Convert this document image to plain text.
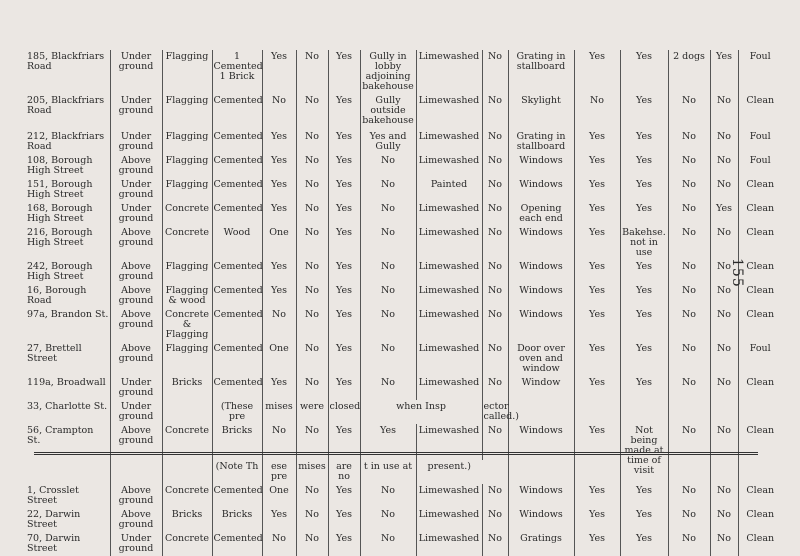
185, Blackfriars Road	Under ground	Flagging	1 Cemented 1 Brick	Yes	No	Yes	Gully in lobby adjoining bakehouse	Limewashed	No	Grating in stallboard	Yes	Yes	2 dogs	Yes	Foul
205, Blackfriars Road	Under ground	Flagging	Cemented	No	No	Yes	Gully outside bakehouse	Limewashed	No	Skylight	No	Yes	No	No	Clean
212, Blackfriars Road	Under ground	Flagging	Cemented	Yes	No	Yes	Yes and Gully	Limewashed	No	Grating in stallboard	Yes	Yes	No	No	Foul
108, Borough High Street	Above ground	Flagging	Cemented	Yes	No	Yes	No	Limewashed	No	Windows	Yes	Yes	No	No	Foul
151, Borough High Street	Under ground	Flagging	Cemented	Yes	No	Yes	No	Painted	No	Windows	Yes	Yes	No	No	Clean
168, Borough High Street	Under ground	Concrete	Cemented	Yes	No	Yes	No	Limewashed	No	Opening each end	Yes	Yes	No	Yes	Clean
216, Borough High Street	Above ground	Concrete	Wood	One	No	Yes	No	Limewashed	No	Windows	Yes	Bakehse. not in use	No	No	Clean
242, Borough High Street	Above ground	Flagging	Cemented	Yes	No	Yes	No	Limewashed	No	Windows	Yes	Yes	No	No	Clean
16, Borough Road	Above ground	Flagging & wood	Cemented	Yes	No	Yes	No	Limewashed	No	Windows	Yes	Yes	No	No	Clean
97a, Brandon St.	Above ground	Concrete & Flagging	Cemented	No	No	Yes	No	Limewashed	No	Windows	Yes	Yes	No	No	Clean
27, Brettell Street	Above ground	Flagging	Cemented	One	No	Yes	No	Limewashed	No	Door over oven and window	Yes	Yes	No	No	Foul
119a, Broadwall	Under ground	Bricks	Cemented	Yes	No	Yes	No	Limewashed	No	Window	Yes	Yes	No	No	Clean
33, Charlotte St.	Under ground		(These pre	mises	were	closed	when Insp		ector called.)						
56, Crampton St.	Above ground	Concrete	Bricks	No	No	Yes	Yes	Limewashed	No	Windows	Yes	Not being made at time of visit	No	No	Clean
			(Note Th	ese pre	mises	are no	t in use at	present.)							
1, Crosslet Street	Above ground	Concrete	Cemented	One	No	Yes	No	Limewashed	No	Windows	Yes	Yes	No	No	Clean
22, Darwin Street	Above ground	Bricks	Bricks	Yes	No	Yes	No	Limewashed	No	Windows	Yes	Yes	No	No	Clean
70, Darwin Street	Under ground	Concrete	Cemented	No	No	Yes	No	Limewashed	No	Gratings	Yes	Yes	No	No	Clean
155
